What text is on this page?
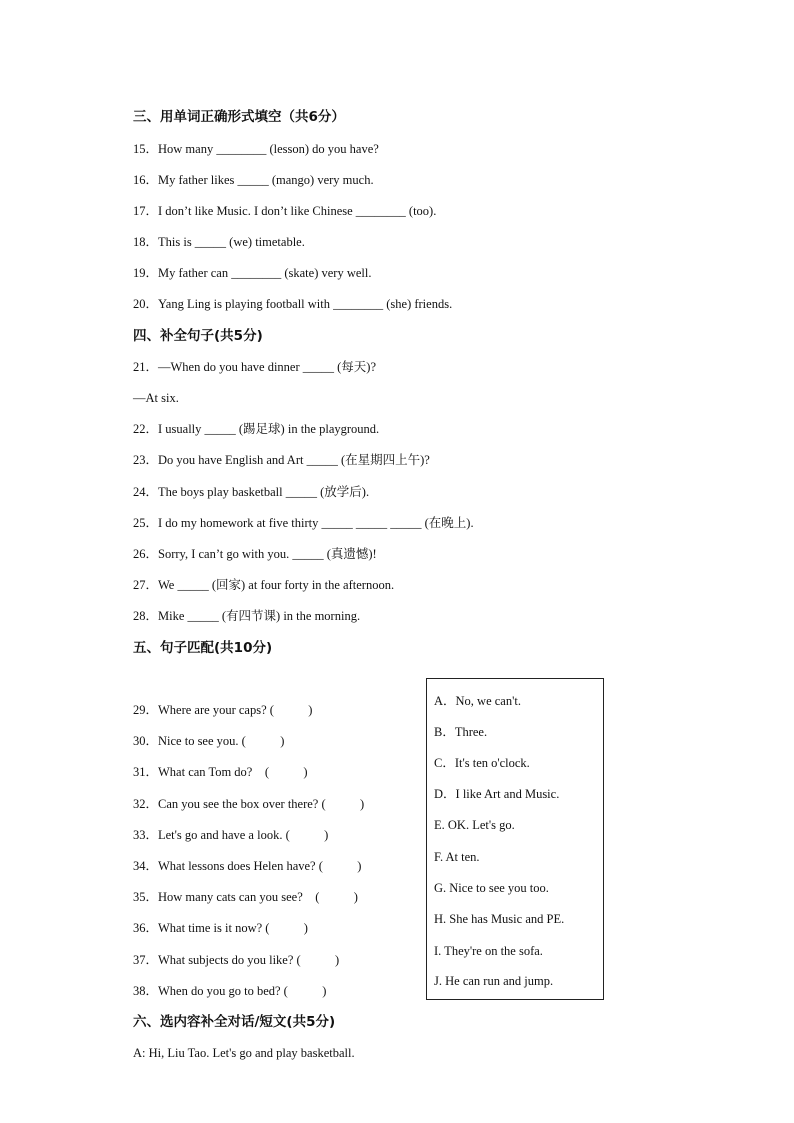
三、用单词正确形式填空（共6分）
15．How many ________ (lesson) do you have?
16．My father likes _____ (mango) very much.
17．I don’t like Music. I don’t like Chinese ________ (too).
18．This is _____ (we) timetable.
19．My father can ________ (skate) very well.
20．Yang Ling is playing football with ________ (she) friends.
四、补全句子(共5分)
21．—When do you have dinner _____ (每天)?
—At six.
22．I usually _____ (踢足球) in the playground.
23．Do you have English and Art _____ (在星期四上午)?
24．The boys play basketball _____ (放学后).
25．I do my homework at five thirty _____ _____ _____ (在晚上).
26．Sorry, I can’t go with you. _____ (真遗憾)!
27．We _____ (回家) at four forty in the afternoon.
28．Mike _____ (有四节课) in the morning.
五、句子匹配(共10分)
29．Where are your caps? (           )
30．Nice to see you. (           )
31．What can Tom do?    (           )
32．Can you see the box over there? (           )
33．Let's go and have a look. (           )
34．What lessons does Helen have? (           )
35．How many cats can you see?    (           )
36．What time is it now? (           )
37．What subjects do you like? (           )
38．When do you go to bed? (           )
A．No, we can't.
B．Three.
C．It's ten o'clock.
D．I like Art and Music.
E. OK. Let's go.
F. At ten.
G. Nice to see you too.
H. She has Music and PE.
I. They're on the sofa.
J. He can run and jump.
六、选内容补全对话/短文(共5分)
A: Hi, Liu Tao. Let's go and play basketball.
